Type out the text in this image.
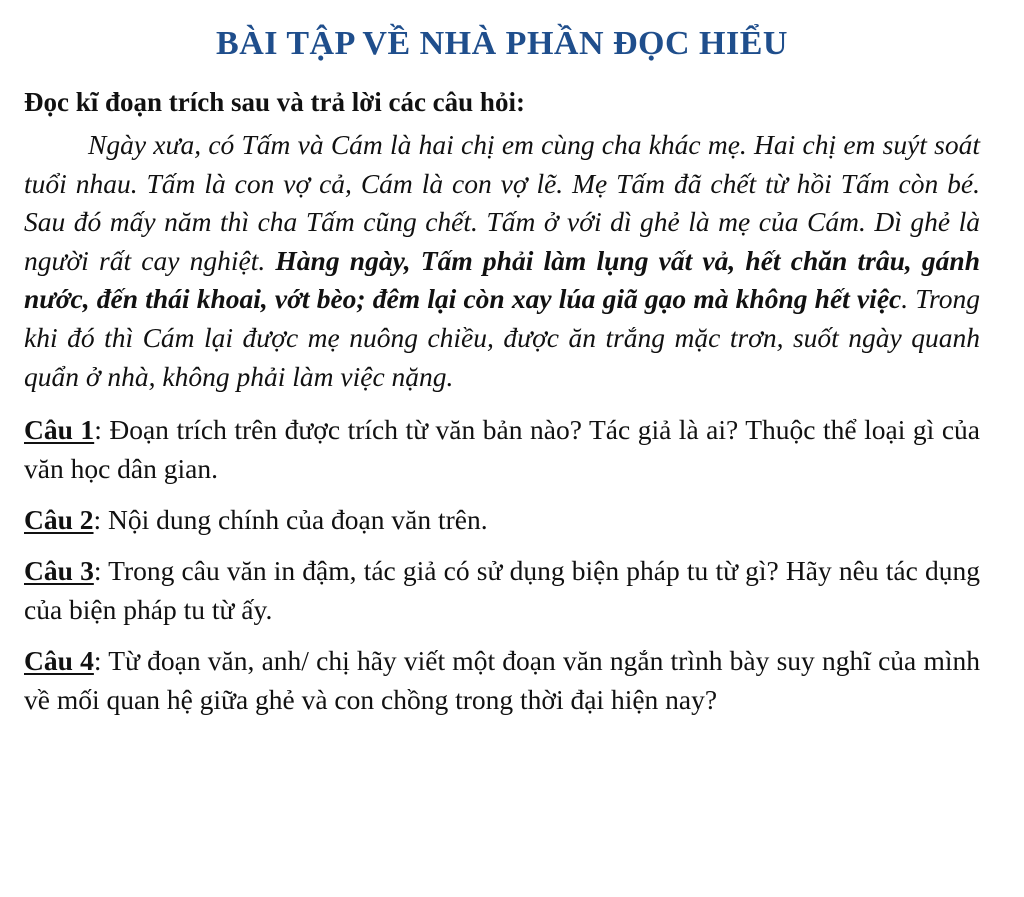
BÀI TẬP VỀ NHÀ PHẦN ĐỌC HIỂU

Đọc kĩ đoạn trích sau và trả lời các câu hỏi:

Ngày xưa, có Tấm và Cám là hai chị em cùng cha khác mẹ. Hai chị em suýt soát tuổi nhau. Tấm là con vợ cả, Cám là con vợ lẽ. Mẹ Tấm đã chết từ hồi Tấm còn bé. Sau đó mấy năm thì cha Tấm cũng chết. Tấm ở với dì ghẻ là mẹ của Cám. Dì ghẻ là người rất cay nghiệt. Hàng ngày, Tấm phải làm lụng vất vả, hết chăn trâu, gánh nước, đến thái khoai, vớt bèo; đêm lại còn xay lúa giã gạo mà không hết việc. Trong khi đó thì Cám lại được mẹ nuông chiều, được ăn trắng mặc trơn, suốt ngày quanh quẩn ở nhà, không phải làm việc nặng.

Câu 1: Đoạn trích trên được trích từ văn bản nào? Tác giả là ai? Thuộc thể loại gì của văn học dân gian.

Câu 2: Nội dung chính của đoạn văn trên.

Câu 3: Trong câu văn in đậm, tác giả có sử dụng biện pháp tu từ gì? Hãy nêu tác dụng của biện pháp tu từ ấy.

Câu 4: Từ đoạn văn, anh/ chị hãy viết một đoạn văn ngắn trình bày suy nghĩ của mình về mối quan hệ giữa ghẻ và con chồng trong thời đại hiện nay?
